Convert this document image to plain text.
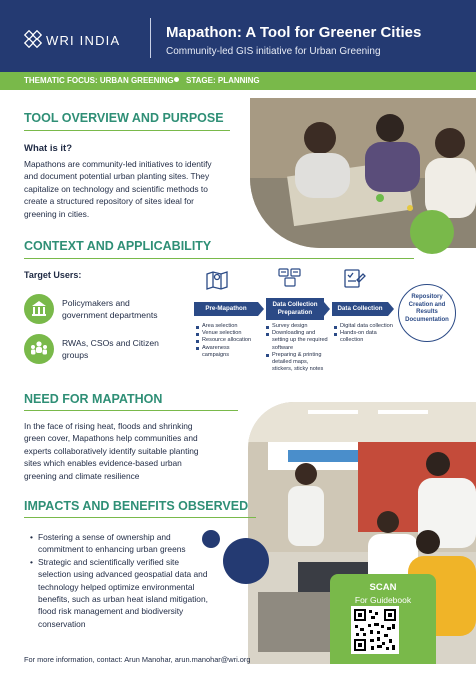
WRI INDIA	Mapathon: A Tool for Greener Cities
Community-led GIS initiative for Urban Greening
THEMATIC FOCUS: URBAN GREENING STAGE: PLANNING
TOOL OVERVIEW AND PURPOSE
What is it?
Mapathons are community-led initiatives to identify
and document potential urban planting sites. They
capitalize on technology and scientific methods to
create a structured repository of sites ideal for
greening in cities.
CONTEXT AND APPLICABILITY
Target Users:
Policymakers and
government departments
RWAs, CSOs and Citizen
groups
Pre-Mapathon
Data Collection Preparation
Data Collection
Repository Creation and Results Documentation
Area selection
Venue selection
Resource allocation
Awareness campaigns
Survey design
Downloading and setting up the required software
Preparing & printing detailed maps, stickers, sticky notes
Digital data collection
Hands-on data collection
NEED FOR MAPATHON
In the face of rising heat, floods and shrinking
green cover, Mapathons help communities and
experts collaboratively identify suitable planting
sites which enables evidence-based urban
greening and climate resilience
IMPACTS AND BENEFITS OBSERVED
• Fostering a sense of ownership and
commitment to enhancing urban greens
• Strategic and scientifically verified site
selection using advanced geospatial data and
technology helped optimize environmental
benefits, such as urban heat island mitigation,
flood risk management and biodiversity
conservation
SCAN
For Guidebook
For more information, contact: Arun Manohar, arun.manohar@wri.org
